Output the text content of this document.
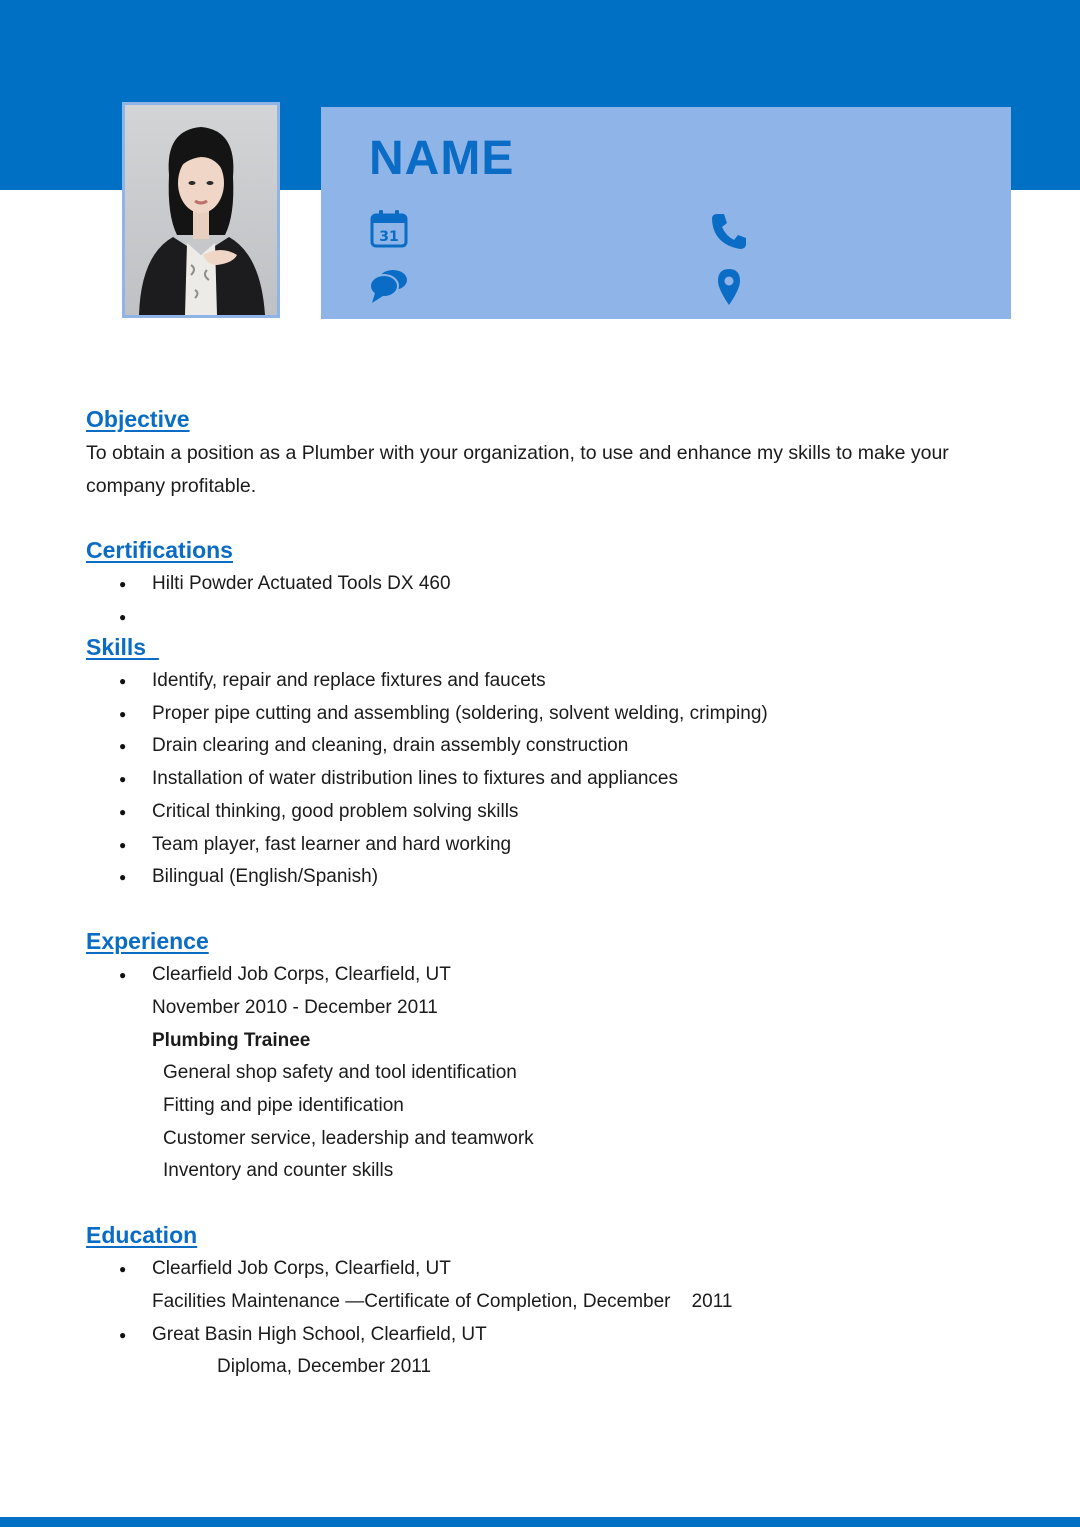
NAME
31
Objective

To obtain a position as a Plumber with your organization, to use and enhance my skills to make your company profitable.

Certifications
● Hilti Powder Actuated Tools DX 460
●
Skills
● Identify, repair and replace fixtures and faucets
● Proper pipe cutting and assembling (soldering, solvent welding, crimping)
● Drain clearing and cleaning, drain assembly construction
● Installation of water distribution lines to fixtures and appliances
● Critical thinking, good problem solving skills
● Team player, fast learner and hard working
● Bilingual (English/Spanish)
Experience
● Clearfield Job Corps, Clearfield, UT

November 2010 - December 2011

Plumbing Trainee

General shop safety and tool identification

Fitting and pipe identification

Customer service, leadership and teamwork

Inventory and counter skills

Education
● Clearfield Job Corps, Clearfield, UT

Facilities Maintenance —Certificate of Completion, December    2011

● Great Basin High School, Clearfield, UT

Diploma, December 2011
